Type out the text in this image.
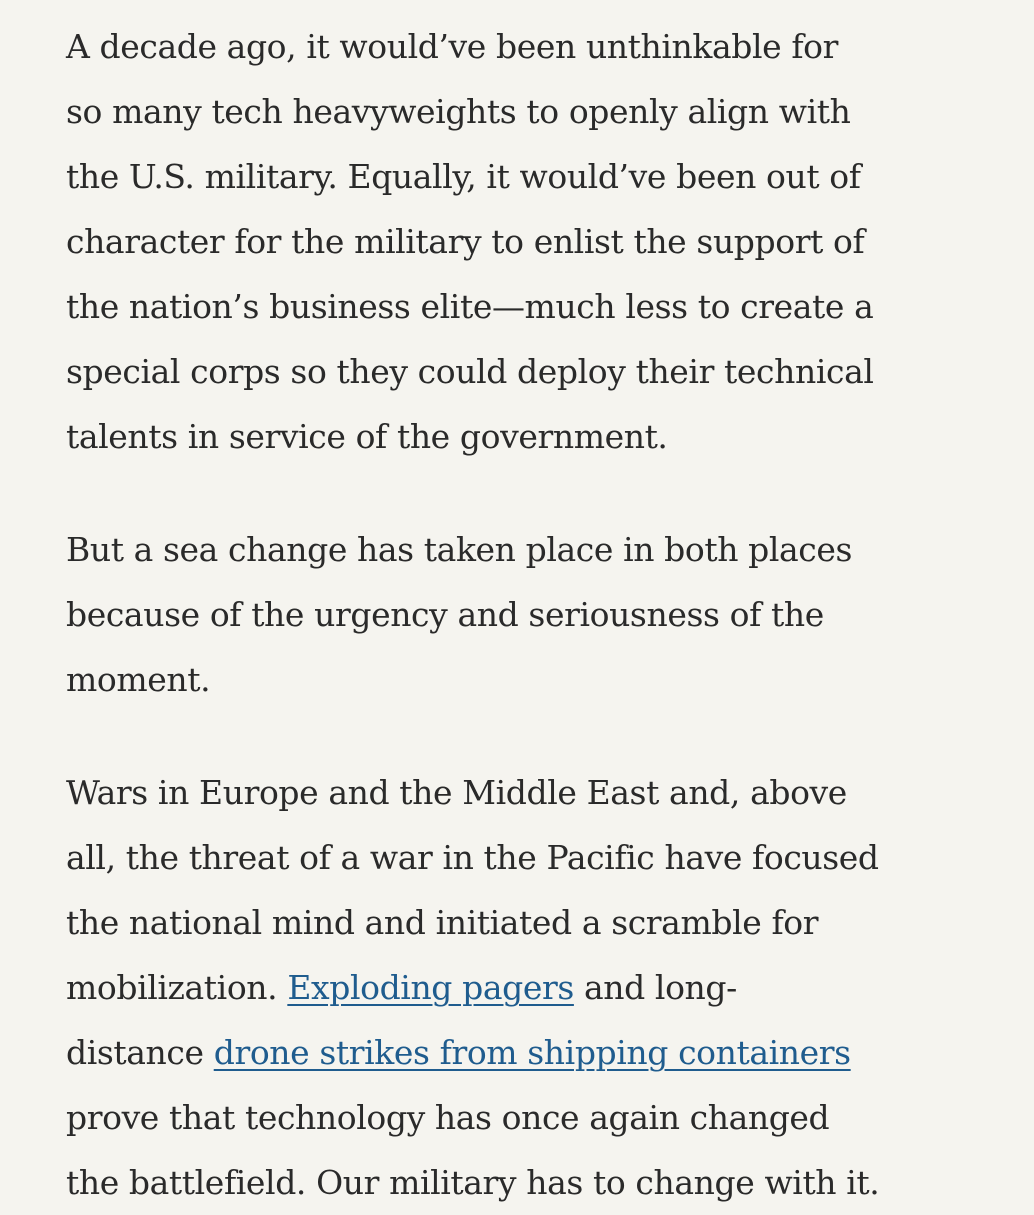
A decade ago, it would’ve been unthinkable for
so many tech heavyweights to openly align with
the U.S. military. Equally, it would’ve been out of
character for the military to enlist the support of
the nation’s business elite—much less to create a
special corps so they could deploy their technical
talents in service of the government.

But a sea change has taken place in both places
because of the urgency and seriousness of the
moment.

Wars in Europe and the Middle East and, above
all, the threat of a war in the Pacific have focused
the national mind and initiated a scramble for
mobilization. Exploding pagers and long-
distance drone strikes from shipping containers
prove that technology has once again changed
the battlefield. Our military has to change with it.
